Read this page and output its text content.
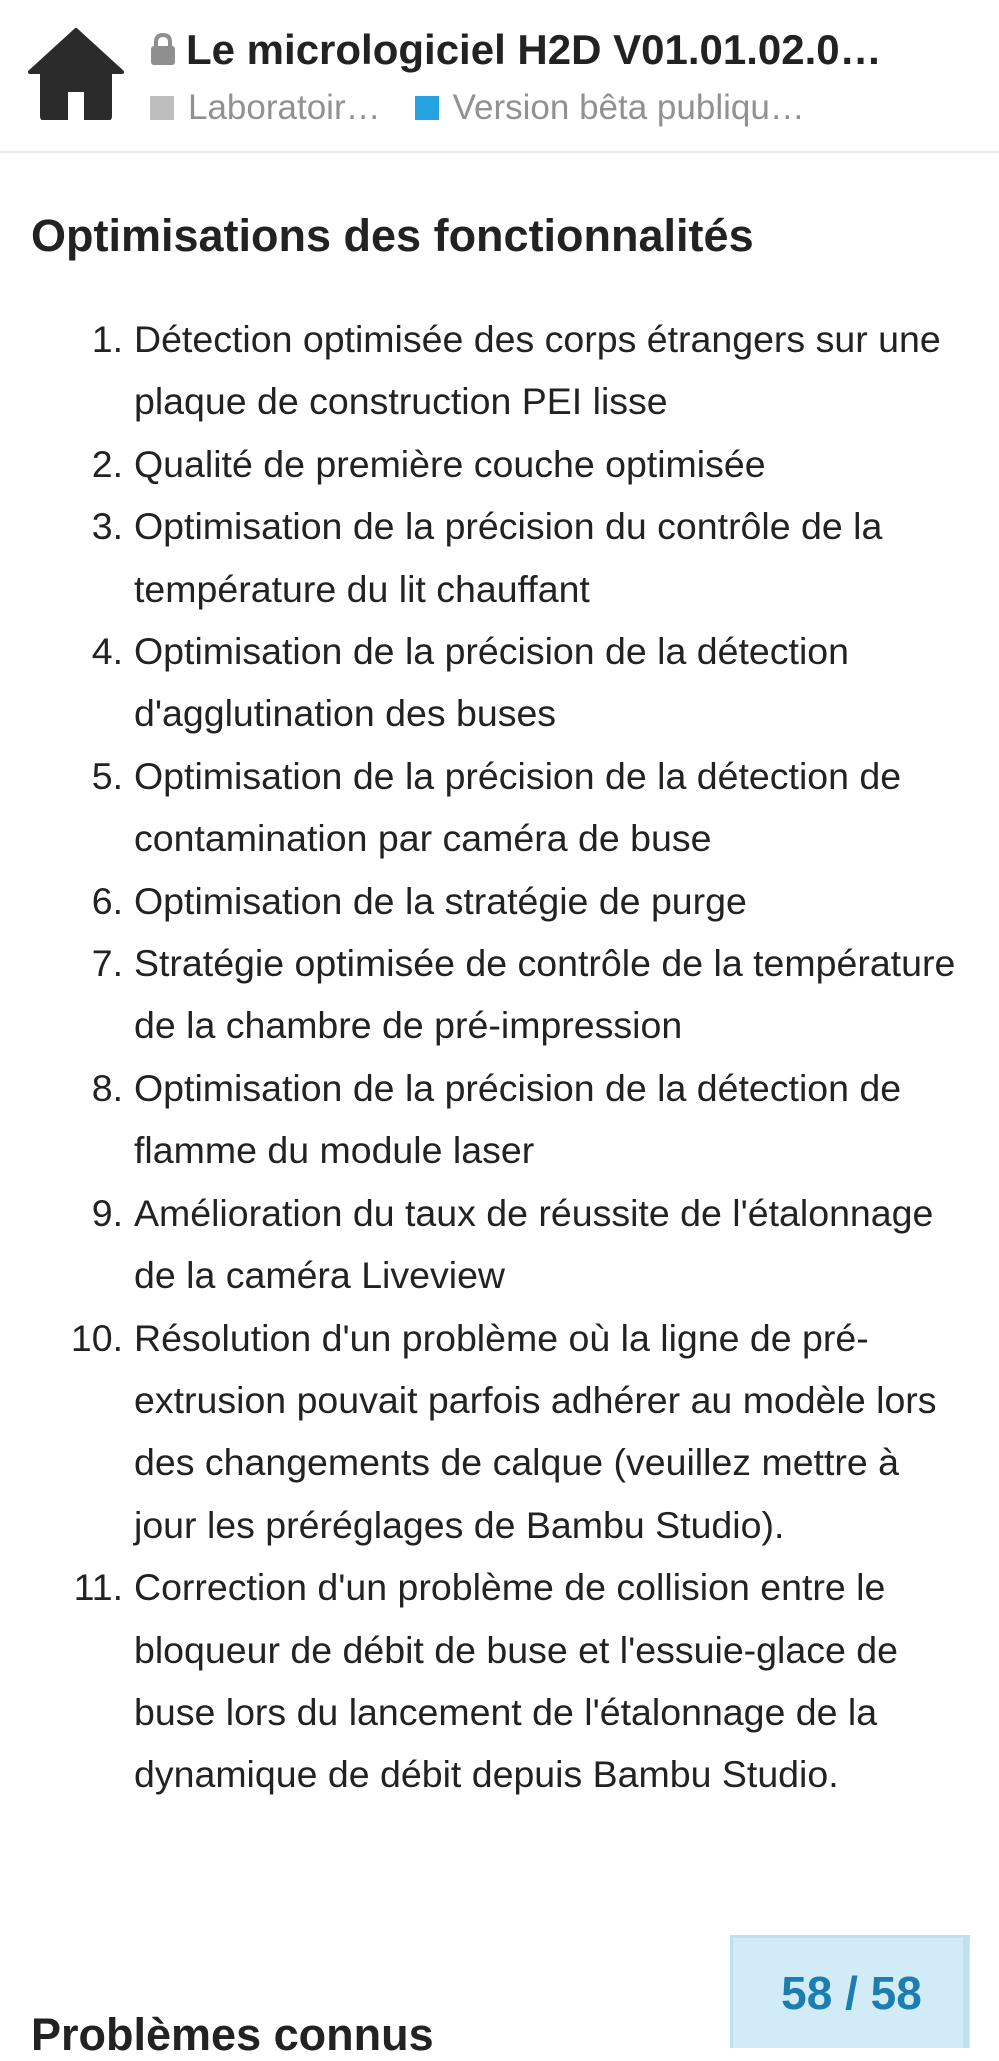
Le micrologiciel H2D V01.01.02.0…
Laboratoir… Version bêta publiqu…
Optimisations des fonctionnalités
1. Détection optimisée des corps étrangers sur une plaque de construction PEI lisse
2. Qualité de première couche optimisée
3. Optimisation de la précision du contrôle de la température du lit chauffant
4. Optimisation de la précision de la détection d'agglutination des buses
5. Optimisation de la précision de la détection de contamination par caméra de buse
6. Optimisation de la stratégie de purge
7. Stratégie optimisée de contrôle de la température de la chambre de pré-impression
8. Optimisation de la précision de la détection de flamme du module laser
9. Amélioration du taux de réussite de l'étalonnage de la caméra Liveview
10. Résolution d'un problème où la ligne de pré-extrusion pouvait parfois adhérer au modèle lors des changements de calque (veuillez mettre à jour les préréglages de Bambu Studio).
11. Correction d'un problème de collision entre le bloqueur de débit de buse et l'essuie-glace de buse lors du lancement de l'étalonnage de la dynamique de débit depuis Bambu Studio.
Problèmes connus
58 / 58
